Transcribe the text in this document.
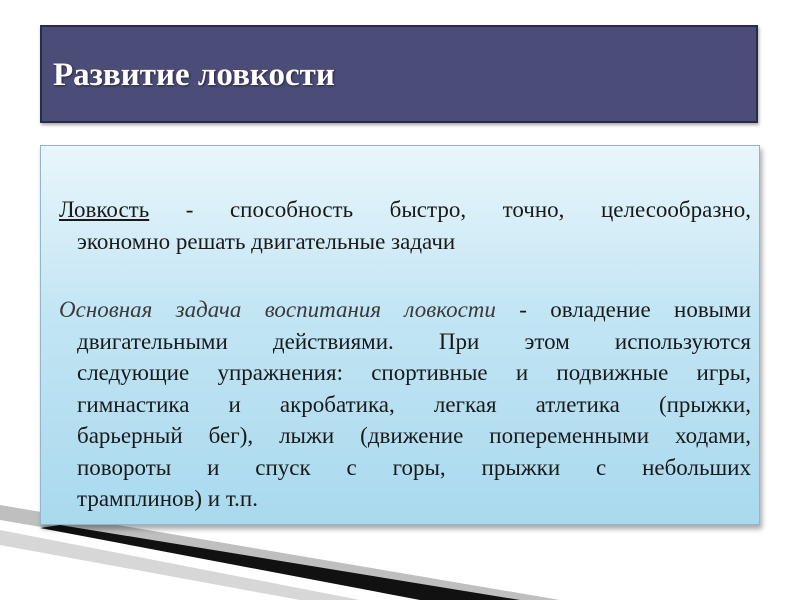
Развитие ловкости
Ловкость - способность быстро, точно, целесообразно,
экономно решать двигательные задачи
Основная задача воспитания ловкости - овладение новыми
двигательными действиями. При этом используются
следующие упражнения: спортивные и подвижные игры,
гимнастика и акробатика, легкая атлетика (прыжки,
барьерный бег), лыжи (движение попеременными ходами,
повороты и спуск с горы, прыжки с небольших
трамплинов) и т.п.
